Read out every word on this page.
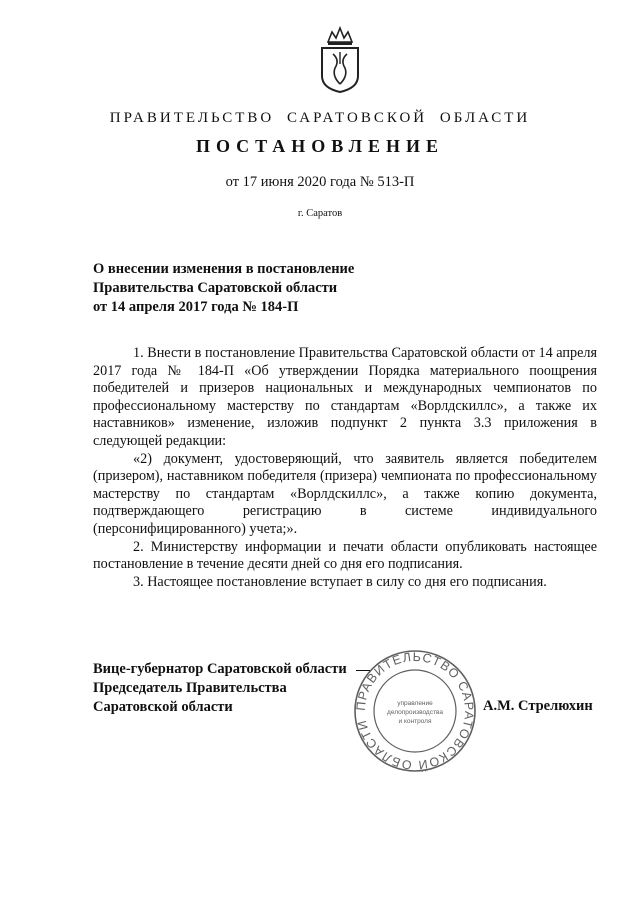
ПРАВИТЕЛЬСТВО САРАТОВСКОЙ ОБЛАСТИ
ПОСТАНОВЛЕНИЕ
от 17 июня 2020 года № 513-П
г. Саратов
О внесении изменения в постановление
Правительства Саратовской области
от 14 апреля 2017 года № 184-П

1. Внести в постановление Правительства Саратовской области от 14 апреля 2017 года № 184-П «Об утверждении Порядка материального поощрения победителей и призеров национальных и международных чемпионатов по профессиональному мастерству по стандартам «Ворлдскиллс», а также их наставников» изменение, изложив подпункт 2 пункта 3.3 приложения в следующей редакции:

«2) документ, удостоверяющий, что заявитель является победителем (призером), наставником победителя (призера) чемпионата по профессиональному мастерству по стандартам «Ворлдскиллс», а также копию документа, подтверждающего регистрацию в системе индивидуального (персонифицированного) учета;».

2. Министерству информации и печати области опубликовать настоящее постановление в течение десяти дней со дня его подписания.

3. Настоящее постановление вступает в силу со дня его подписания.

Вице-губернатор Саратовской области
Председатель Правительства
Саратовской области	ПРАВИТЕЛЬСТВО САРАТОВСКОЙ ОБЛАСТИ
управление
делопроизводства
и контроля
А.М. Стрелюхин
